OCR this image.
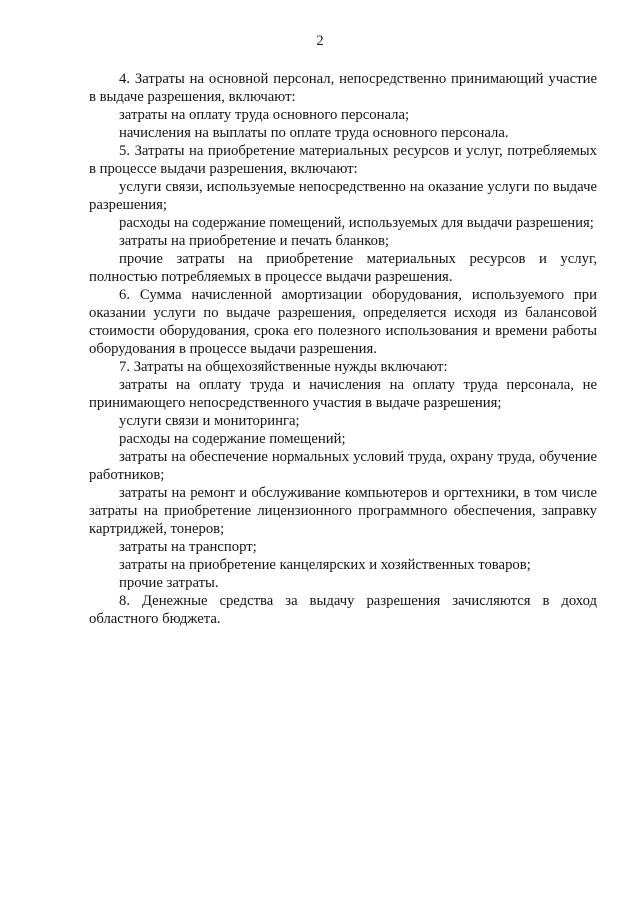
2

4. Затраты на основной персонал, непосредственно принимающий участие в выдаче разрешения, включают:

затраты на оплату труда основного персонала;

начисления на выплаты по оплате труда основного персонала.

5. Затраты на приобретение материальных ресурсов и услуг, потребляемых в процессе выдачи разрешения, включают:

услуги связи, используемые непосредственно на оказание услуги по выдаче разрешения;

расходы на содержание помещений, используемых для выдачи разрешения;

затраты на приобретение и печать бланков;

прочие затраты на приобретение материальных ресурсов и услуг, полностью потребляемых в процессе выдачи разрешения.

6. Сумма начисленной амортизации оборудования, используемого при оказании услуги по выдаче разрешения, определяется исходя из балансовой стоимости оборудования, срока его полезного использования и времени работы оборудования в процессе выдачи разрешения.

7. Затраты на общехозяйственные нужды включают:

затраты на оплату труда и начисления на оплату труда персонала, не принимающего непосредственного участия в выдаче разрешения;

услуги связи и мониторинга;

расходы на содержание помещений;

затраты на обеспечение нормальных условий труда, охрану труда, обучение работников;

затраты на ремонт и обслуживание компьютеров и оргтехники, в том числе затраты на приобретение лицензионного программного обеспечения, заправку картриджей, тонеров;

затраты на транспорт;

затраты на приобретение канцелярских и хозяйственных товаров;

прочие затраты.

8. Денежные средства за выдачу разрешения зачисляются в доход областного бюджета.
